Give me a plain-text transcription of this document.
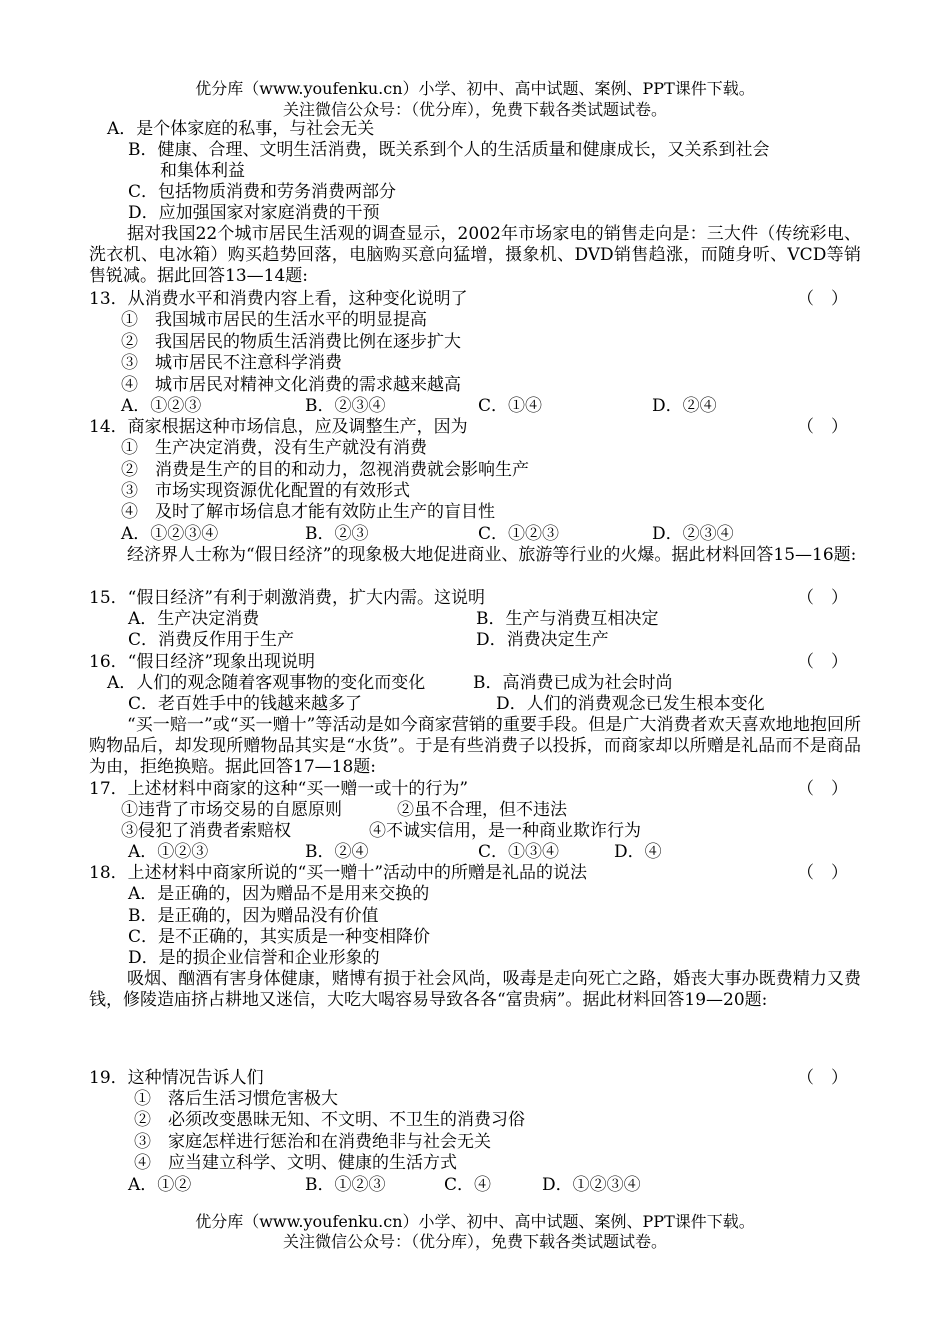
优分库（www.youfenku.cn）小学、初中、高中试题、案例、PPT课件下载。
关注微信公众号：（优分库），免费下载各类试题试卷。
A．是个体家庭的私事，与社会无关
B．健康、合理、文明生活消费，既关系到个人的生活质量和健康成长，又关系到社会
和集体利益
C．包括物质消费和劳务消费两部分
D．应加强国家对家庭消费的干预
据对我国22个城市居民生活观的调查显示，2002年市场家电的销售走向是：三大件（传统彩电、洗衣机、电冰箱）购买趋势回落，电脑购买意向猛增，摄象机、DVD销售趋涨，而随身听、VCD等销售锐减。据此回答13—14题:
13．从消费水平和消费内容上看，这种变化说明了	（　）
①　我国城市居民的生活水平的明显提高
②　我国居民的物质生活消费比例在逐步扩大
③　城市居民不注意科学消费
④　城市居民对精神文化消费的需求越来越高
A．①②③	B．②③④	C．①④	D．②④
14．商家根据这种市场信息，应及调整生产，因为	（　）
①　生产决定消费，没有生产就没有消费
②　消费是生产的目的和动力，忽视消费就会影响生产
③　市场实现资源优化配置的有效形式
④　及时了解市场信息才能有效防止生产的盲目性
A．①②③④	B．②③	C．①②③	D．②③④
经济界人士称为“假日经济”的现象极大地促进商业、旅游等行业的火爆。据此材料回答15—16题:
15．“假日经济”有利于刺激消费，扩大内需。这说明	（　）
A．生产决定消费	B．生产与消费互相决定
C．消费反作用于生产	D．消费决定生产
16．“假日经济”现象出现说明	（　）
A．人们的观念随着客观事物的变化而变化	B．高消费已成为社会时尚
C．老百姓手中的钱越来越多了	D．人们的消费观念已发生根本变化
“买一赔一”或“买一赠十”等活动是如今商家营销的重要手段。但是广大消费者欢天喜欢地地抱回所购物品后，却发现所赠物品其实是“水货”。于是有些消费子以投拆，而商家却以所赠是礼品而不是商品为由，拒绝换赔。据此回答17—18题:
17．上述材料中商家的这种“买一赠一或十的行为”	（　）
①违背了市场交易的自愿原则	②虽不合理，但不违法
③侵犯了消费者索赔权	④不诚实信用，是一种商业欺诈行为
A．①②③	B．②④	C．①③④	D．④
18．上述材料中商家所说的“买一赠十”活动中的所赠是礼品的说法	（　）
A．是正确的，因为赠品不是用来交换的
B．是正确的，因为赠品没有价值
C．是不正确的，其实质是一种变相降价
D．是的损企业信誉和企业形象的
吸烟、酗酒有害身体健康，赌博有损于社会风尚，吸毒是走向死亡之路，婚丧大事办既费精力又费钱，修陵造庙挤占耕地又迷信，大吃大喝容易导致各各“富贵病”。据此材料回答19—20题:
19．这种情况告诉人们	（　）
①　落后生活习惯危害极大
②　必须改变愚昧无知、不文明、不卫生的消费习俗
③　家庭怎样进行惩治和在消费绝非与社会无关
④　应当建立科学、文明、健康的生活方式
A．①②	B．①②③	C．④	D．①②③④
优分库（www.youfenku.cn）小学、初中、高中试题、案例、PPT课件下载。
关注微信公众号：（优分库），免费下载各类试题试卷。
